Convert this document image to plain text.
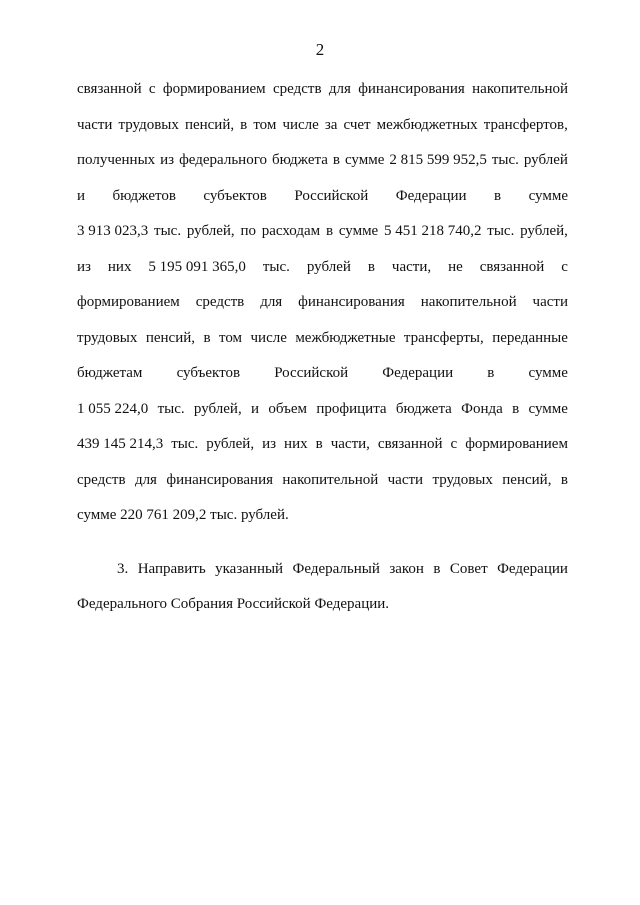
2
связанной с формированием средств для финансирования накопительной
части трудовых пенсий, в том числе за счет межбюджетных трансфертов,
полученных из федерального бюджета в сумме 2 815 599 952,5 тыс. рублей
и бюджетов субъектов Российской Федерации в сумме
3 913 023,3 тыс. рублей, по расходам в сумме 5 451 218 740,2 тыс. рублей,
из них 5 195 091 365,0 тыс. рублей в части, не связанной с
формированием средств для финансирования накопительной части
трудовых пенсий, в том числе межбюджетные трансферты, переданные
бюджетам субъектов Российской Федерации в сумме
1 055 224,0 тыс. рублей, и объем профицита бюджета Фонда в сумме
439 145 214,3 тыс. рублей, из них в части, связанной с формированием
средств для финансирования накопительной части трудовых пенсий, в
сумме 220 761 209,2 тыс. рублей.
3. Направить указанный Федеральный закон в Совет Федерации
Федерального Собрания Российской Федерации.
